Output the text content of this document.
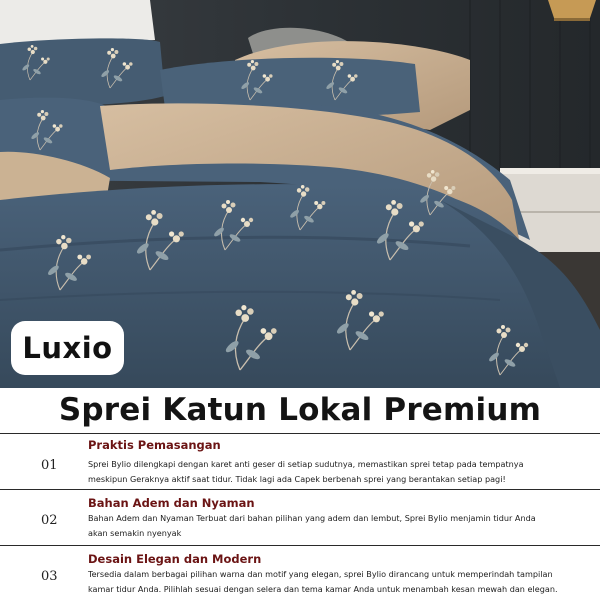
Luxio
Sprei Katun Lokal Premium
01
Praktis Pemasangan
Sprei Bylio dilengkapi dengan karet anti geser di setiap sudutnya, memastikan sprei tetap pada tempatnya
meskipun Geraknya aktif saat tidur. Tidak lagi ada Capek berbenah sprei yang berantakan setiap pagi!
02
Bahan Adem dan Nyaman
Bahan Adem dan Nyaman Terbuat dari bahan pilihan yang adem dan lembut, Sprei Bylio menjamin tidur Anda
akan semakin nyenyak
03
Desain Elegan dan Modern
Tersedia dalam berbagai pilihan warna dan motif yang elegan, sprei Bylio dirancang untuk memperindah tampilan
kamar tidur Anda. Pilihlah sesuai dengan selera dan tema kamar Anda untuk menambah kesan mewah dan elegan.
